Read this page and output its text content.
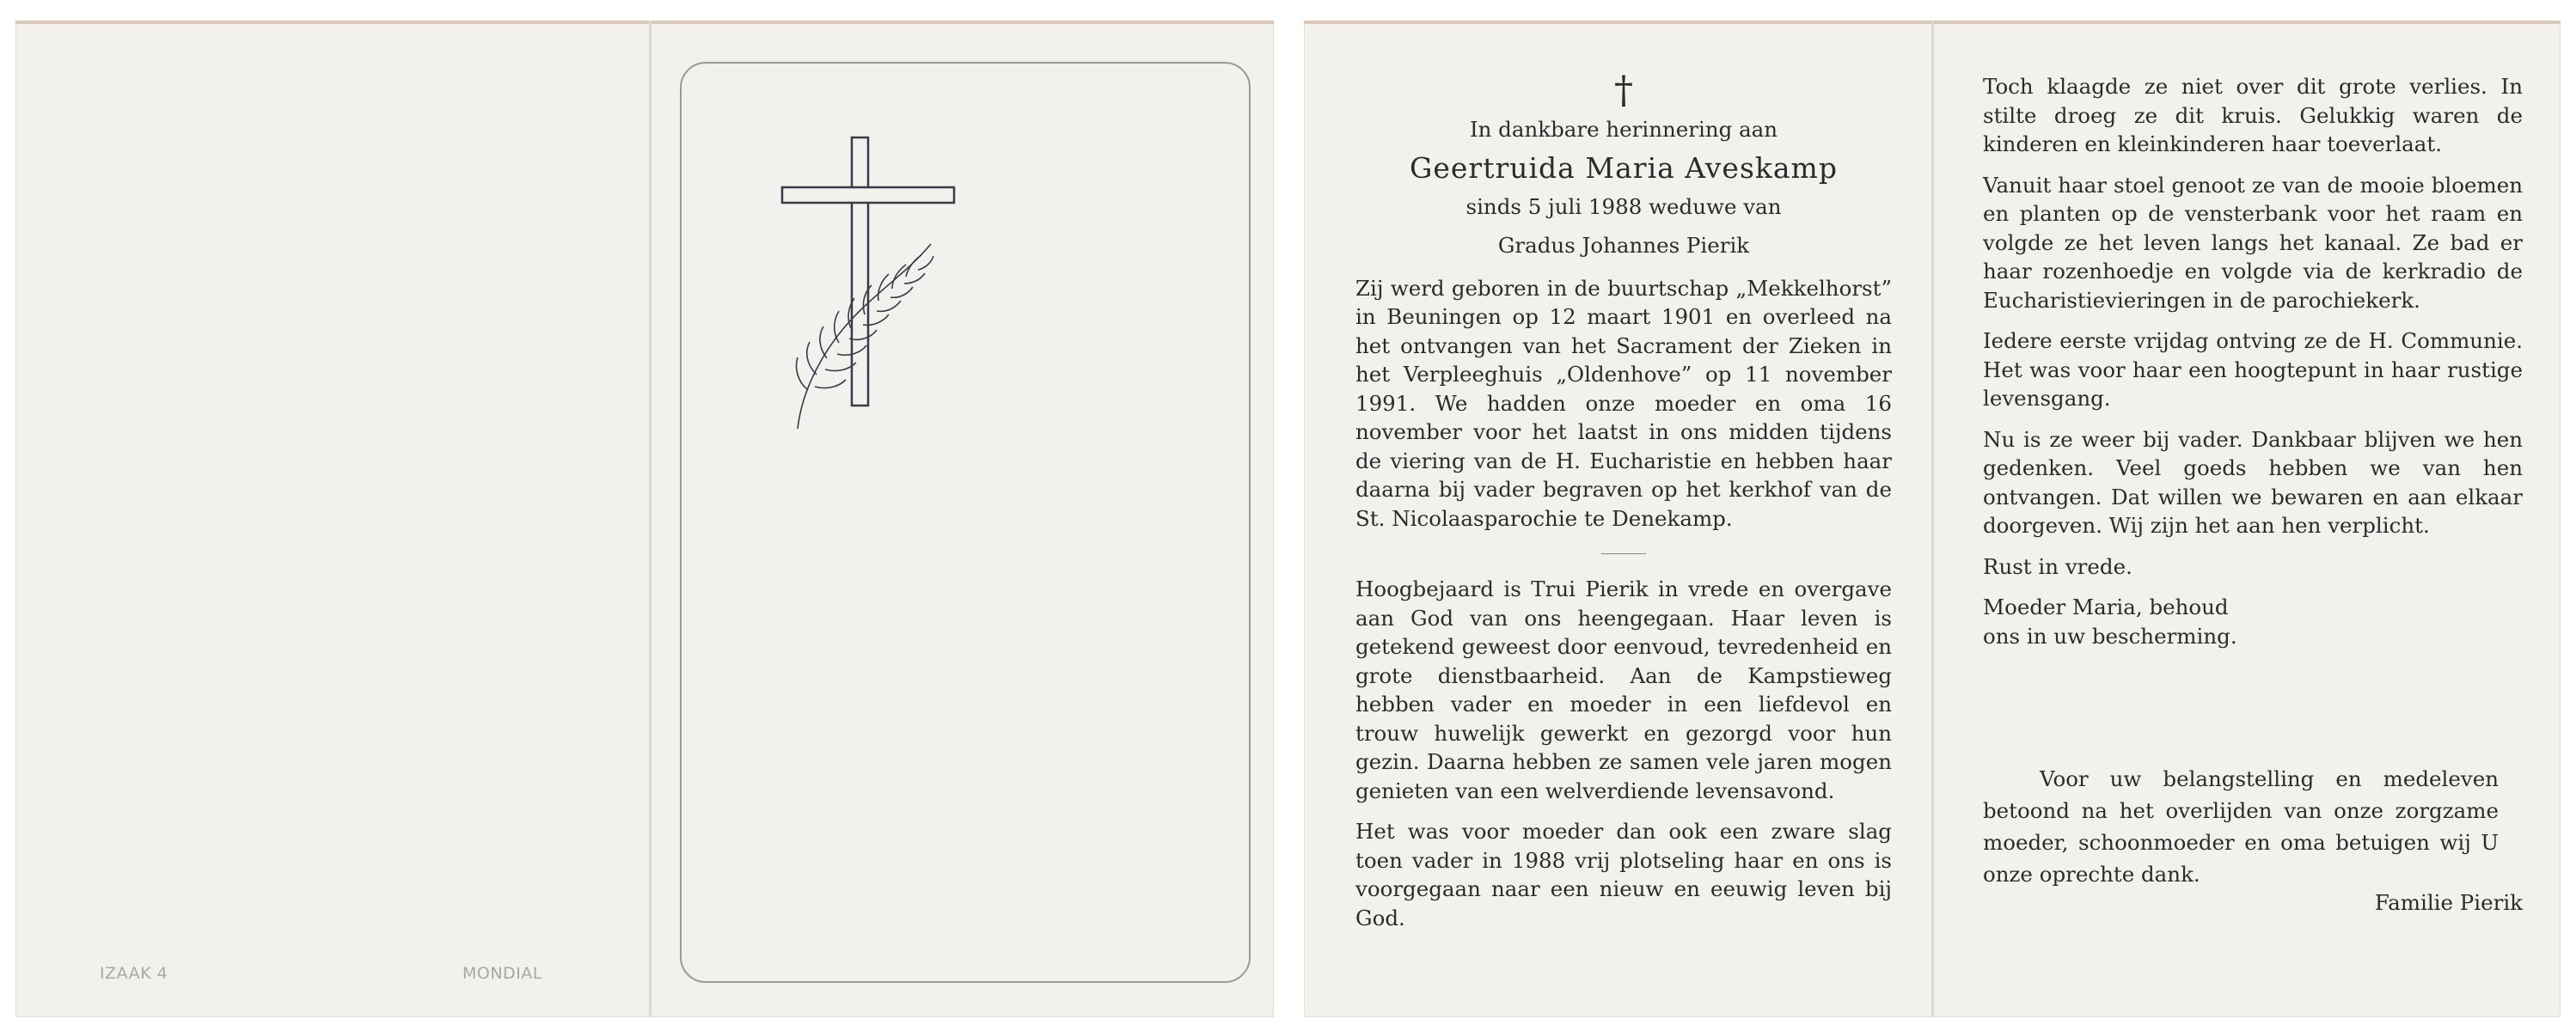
IZAAK 4	MONDIAL
†
In dankbare herinnering aan
Geertruida Maria Aveskamp
sinds 5 juli 1988 weduwe van
Gradus Johannes Pierik

Zij werd geboren in de buurtschap „Mekkelhorst” in Beuningen op 12 maart 1901 en overleed na het ontvangen van het Sacrament der Zieken in het Verpleeghuis „Oldenhove” op 11 november 1991. We hadden onze moeder en oma 16 november voor het laatst in ons midden tijdens de viering van de H. Eucharistie en hebben haar daarna bij vader begraven op het kerkhof van de St. Nicolaasparochie te Denekamp.

Hoogbejaard is Trui Pierik in vrede en overgave aan God van ons heengegaan. Haar leven is getekend geweest door eenvoud, tevredenheid en grote dienstbaarheid. Aan de Kampstieweg hebben vader en moeder in een liefdevol en trouw huwelijk gewerkt en gezorgd voor hun gezin. Daarna hebben ze samen vele jaren mogen genieten van een welverdiende levensavond.

Het was voor moeder dan ook een zware slag toen vader in 1988 vrij plotseling haar en ons is voorgegaan naar een nieuw en eeuwig leven bij God.

Toch klaagde ze niet over dit grote verlies. In stilte droeg ze dit kruis. Gelukkig waren de kinderen en kleinkinderen haar toeverlaat.

Vanuit haar stoel genoot ze van de mooie bloemen en planten op de vensterbank voor het raam en volgde ze het leven langs het kanaal. Ze bad er haar rozenhoedje en volgde via de kerkradio de Eucharistievieringen in de parochiekerk.

Iedere eerste vrijdag ontving ze de H. Communie. Het was voor haar een hoogtepunt in haar rustige levensgang.

Nu is ze weer bij vader. Dankbaar blijven we hen gedenken. Veel goeds hebben we van hen ontvangen. Dat willen we bewaren en aan elkaar doorgeven. Wij zijn het aan hen verplicht.

Rust in vrede.

Moeder Maria, behoud ons in uw bescherming.

Voor uw belangstelling en medeleven betoond na het overlijden van onze zorgzame moeder, schoonmoeder en oma betuigen wij U onze oprechte dank.
Familie Pierik
